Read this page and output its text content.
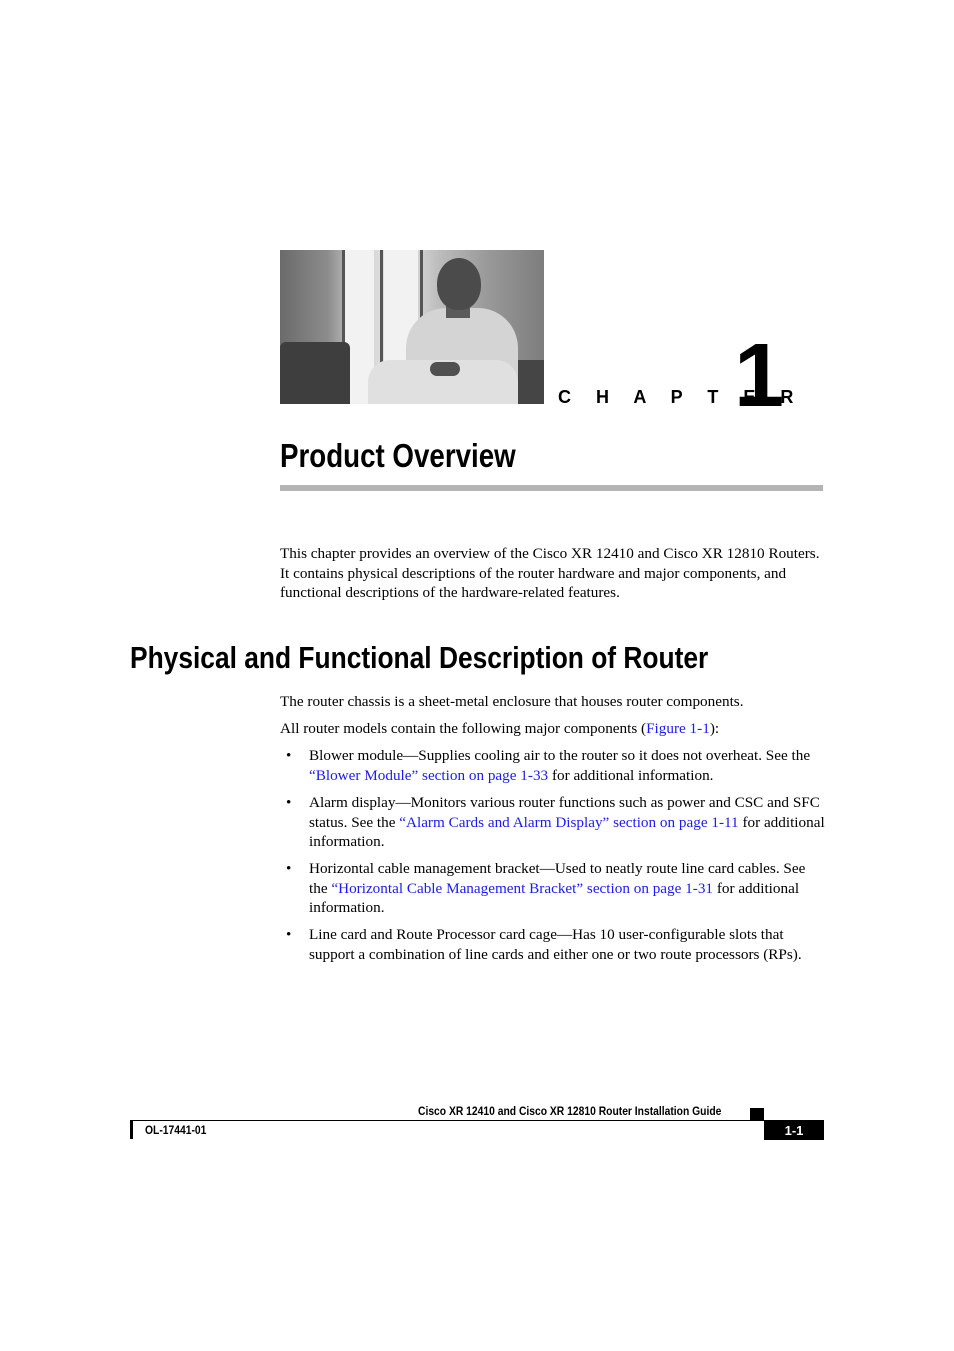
C H A P T E R
1
Product Overview
This chapter provides an overview of the Cisco XR 12410 and Cisco XR 12810 Routers. It contains physical descriptions of the router hardware and major components, and functional descriptions of the hardware-related features.
Physical and Functional Description of Router
The router chassis is a sheet-metal enclosure that houses router components.
All router models contain the following major components (Figure 1-1):
• Blower module—Supplies cooling air to the router so it does not overheat. See the “Blower Module” section on page 1-33 for additional information.
• Alarm display—Monitors various router functions such as power and CSC and SFC status. See the “Alarm Cards and Alarm Display” section on page 1-11 for additional information.
• Horizontal cable management bracket—Used to neatly route line card cables. See the “Horizontal Cable Management Bracket” section on page 1-31 for additional information.
• Line card and Route Processor card cage—Has 10 user-configurable slots that support a combination of line cards and either one or two route processors (RPs).
Cisco XR 12410 and Cisco XR 12810 Router Installation Guide
OL-17441-01	1-1
